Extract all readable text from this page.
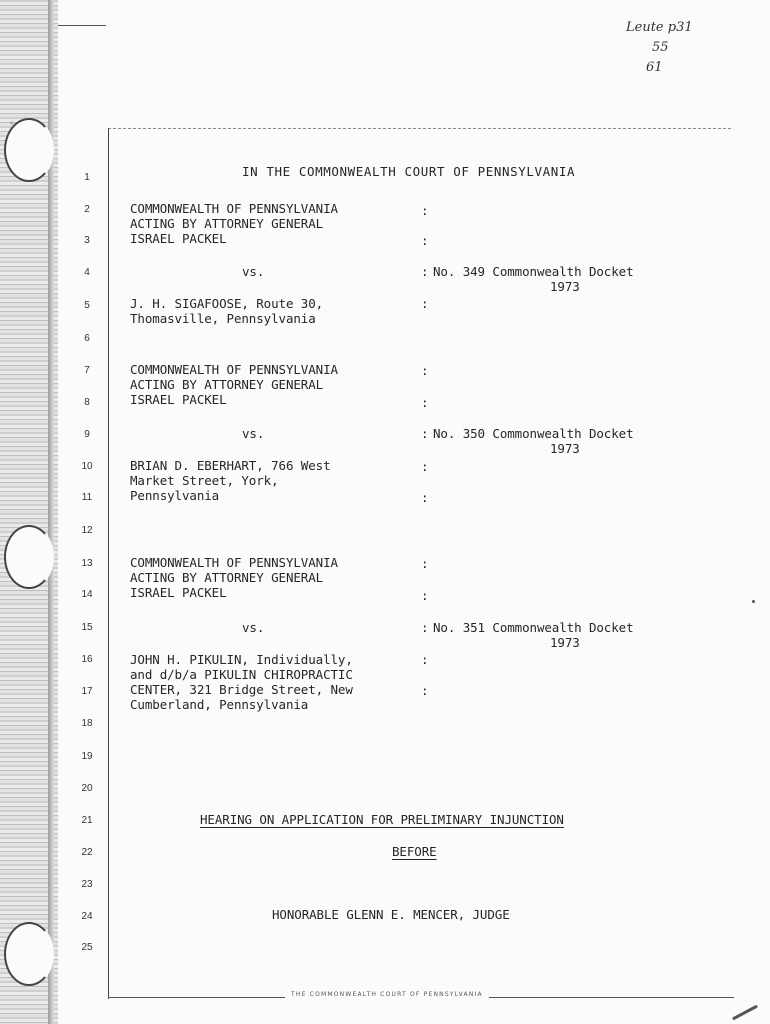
Leute p31
55
61
THE COMMONWEALTH COURT OF PENNSYLVANIA
1
2
3
4
5
6
7
8
9
10
11
12
13
14
15
16
17
18
19
20
21
22
23
24
25
IN THE COMMONWEALTH COURT OF PENNSYLVANIA
COMMONWEALTH OF PENNSYLVANIA
ACTING BY ATTORNEY GENERAL
ISRAEL PACKEL
:
:
vs.	: No. 349 Commonwealth Docket
1973
J. H. SIGAFOOSE, Route 30,
Thomasville, Pennsylvania
:
COMMONWEALTH OF PENNSYLVANIA
ACTING BY ATTORNEY GENERAL
ISRAEL PACKEL
:
:
vs.	: No. 350 Commonwealth Docket
1973
BRIAN D. EBERHART, 766 West
Market Street, York,
Pennsylvania
:
:
COMMONWEALTH OF PENNSYLVANIA
ACTING BY ATTORNEY GENERAL
ISRAEL PACKEL
:
:
vs.	: No. 351 Commonwealth Docket
1973
JOHN H. PIKULIN, Individually,
and d/b/a PIKULIN CHIROPRACTIC
CENTER, 321 Bridge Street, New
Cumberland, Pennsylvania
:
:
HEARING ON APPLICATION FOR PRELIMINARY INJUNCTION
BEFORE
HONORABLE GLENN E. MENCER, JUDGE
